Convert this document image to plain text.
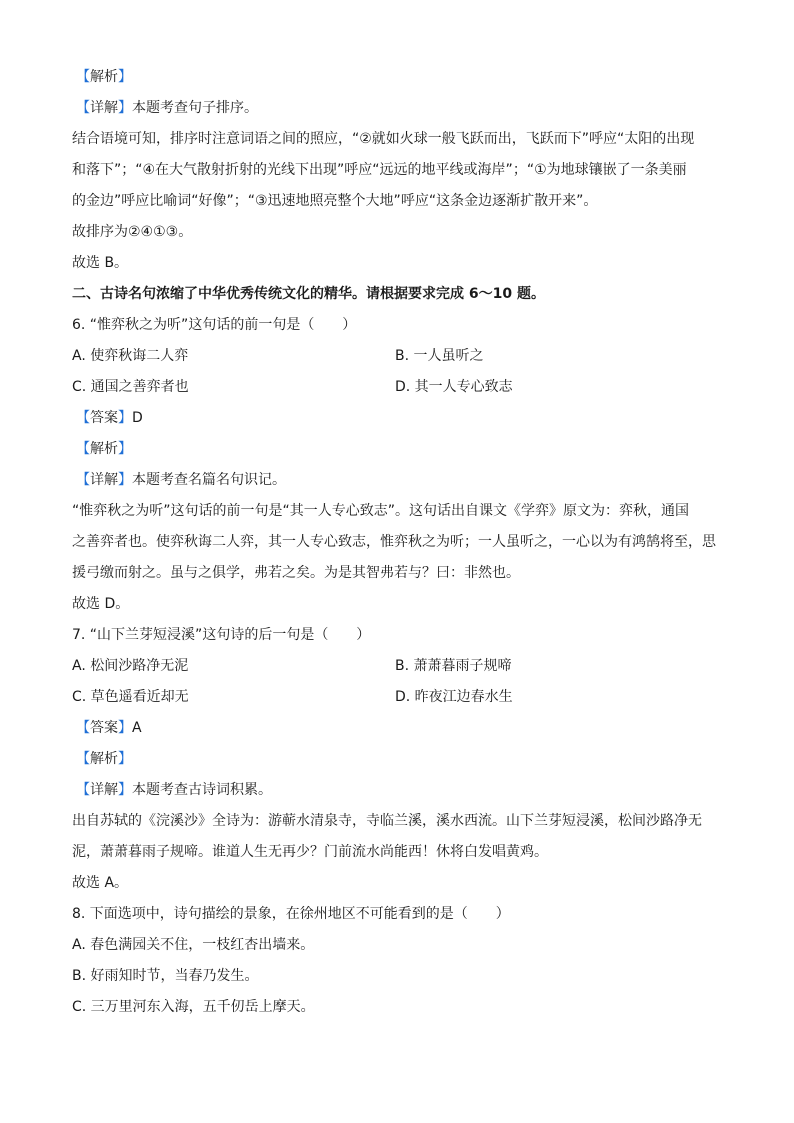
【解析】
【详解】本题考查句子排序。
结合语境可知，排序时注意词语之间的照应，“②就如火球一般飞跃而出，飞跃而下”呼应“太阳的出现
和落下”；“④在大气散射折射的光线下出现”呼应“远远的地平线或海岸”；“①为地球镶嵌了一条美丽
的金边”呼应比喻词“好像”；“③迅速地照亮整个大地”呼应“这条金边逐渐扩散开来”。
故排序为②④①③。
故选 B。
二、古诗名句浓缩了中华优秀传统文化的精华。请根据要求完成 6～10 题。
6. “惟弈秋之为听”这句话的前一句是（　　）
A. 使弈秋诲二人弈	B. 一人虽听之
C. 通国之善弈者也	D. 其一人专心致志
【答案】D
【解析】
【详解】本题考查名篇名句识记。
“惟弈秋之为听”这句话的前一句是“其一人专心致志”。这句话出自课文《学弈》原文为：弈秋，通国
之善弈者也。使弈秋诲二人弈，其一人专心致志，惟弈秋之为听；一人虽听之，一心以为有鸿鹄将至，思
援弓缴而射之。虽与之俱学，弗若之矣。为是其智弗若与？曰：非然也。
故选 D。
7. “山下兰芽短浸溪”这句诗的后一句是（　　）
A. 松间沙路净无泥	B. 萧萧暮雨子规啼
C. 草色遥看近却无	D. 昨夜江边春水生
【答案】A
【解析】
【详解】本题考查古诗词积累。
出自苏轼的《浣溪沙》全诗为：游蕲水清泉寺，寺临兰溪，溪水西流。山下兰芽短浸溪，松间沙路净无
泥，萧萧暮雨子规啼。谁道人生无再少？门前流水尚能西！休将白发唱黄鸡。
故选 A。
8. 下面选项中，诗句描绘的景象，在徐州地区不可能看到的是（　　）
A. 春色满园关不住，一枝红杏出墙来。
B. 好雨知时节，当春乃发生。
C. 三万里河东入海，五千仞岳上摩天。
